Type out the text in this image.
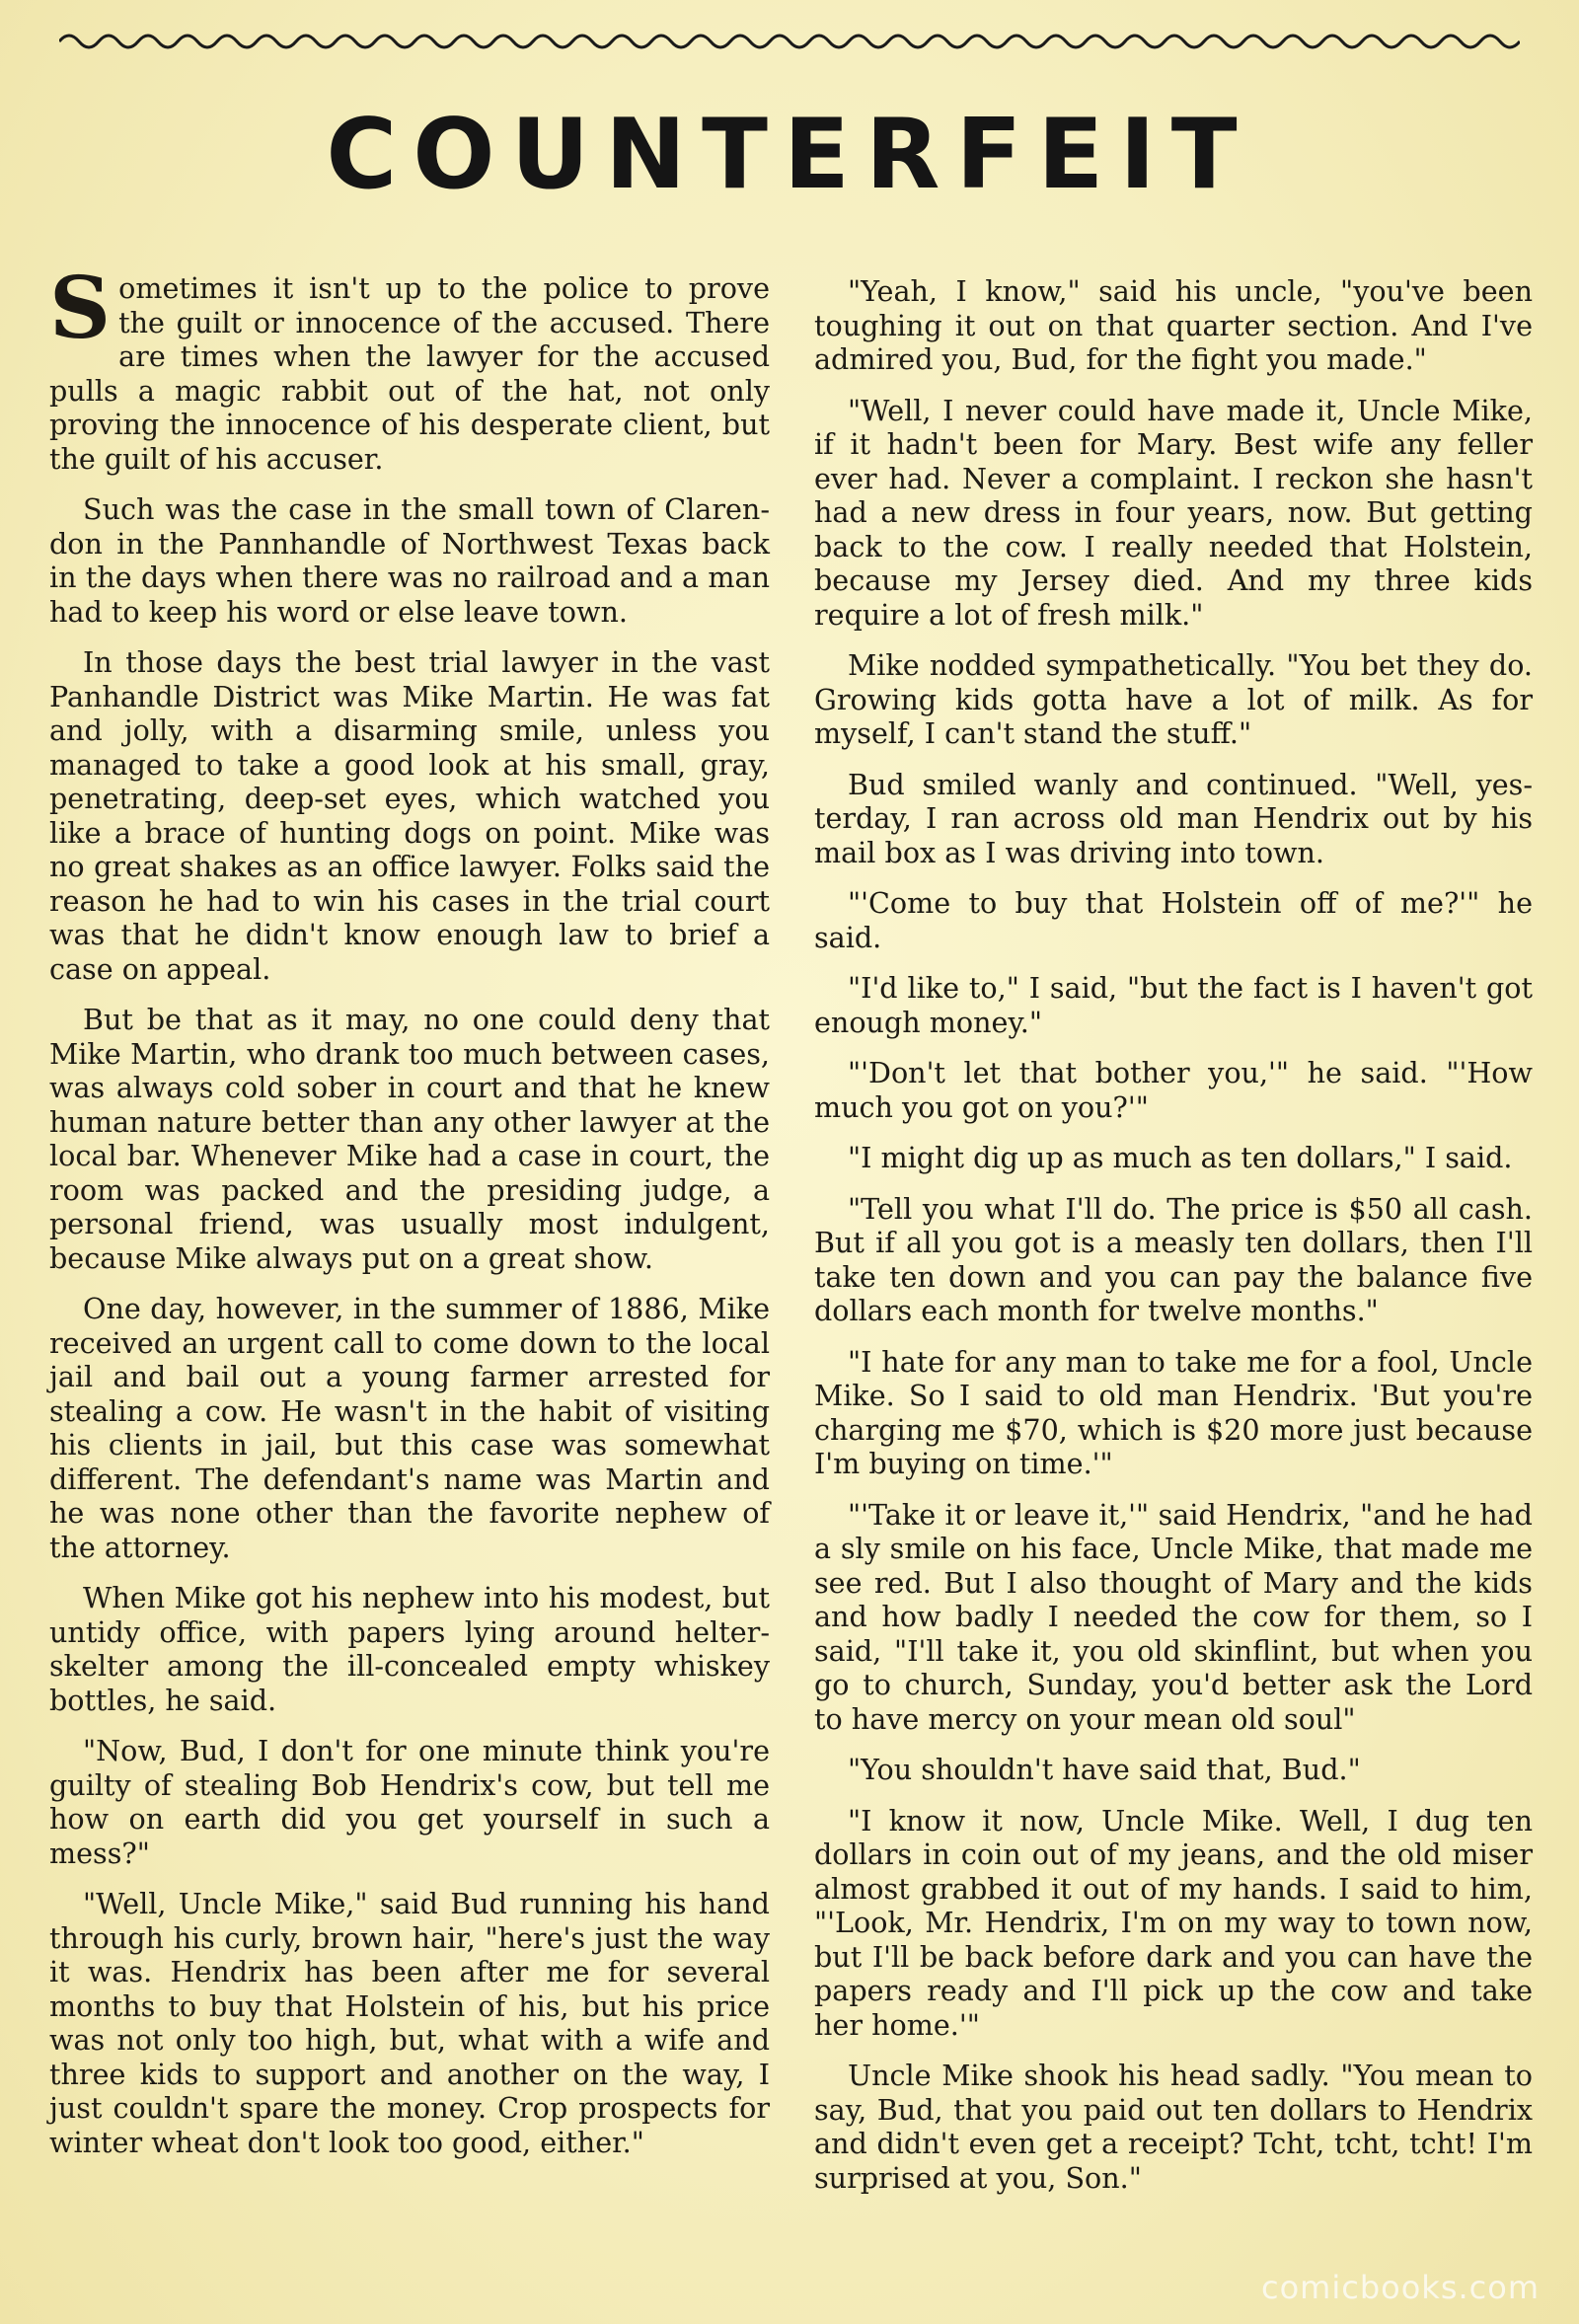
COUNTERFEIT

Sometimes it isn't up to the police to prove the guilt or innocence of the accused. There are times when the lawyer for the accused pulls a magic rabbit out of the hat, not only proving the innocence of his desperate client, but the guilt of his accuser.

Such was the case in the small town of Clarendon in the Pannhandle of Northwest Texas back in the days when there was no railroad and a man had to keep his word or else leave town.

In those days the best trial lawyer in the vast Panhandle District was Mike Martin. He was fat and jolly, with a disarming smile, unless you managed to take a good look at his small, gray, penetrating, deep-set eyes, which watched you like a brace of hunting dogs on point. Mike was no great shakes as an office lawyer. Folks said the reason he had to win his cases in the trial court was that he didn't know enough law to brief a case on appeal.

But be that as it may, no one could deny that Mike Martin, who drank too much between cases, was always cold sober in court and that he knew human nature better than any other lawyer at the local bar. Whenever Mike had a case in court, the room was packed and the presiding judge, a personal friend, was usually most indulgent, because Mike always put on a great show.

One day, however, in the summer of 1886, Mike received an urgent call to come down to the local jail and bail out a young farmer arrested for stealing a cow. He wasn't in the habit of visiting his clients in jail, but this case was somewhat different. The defendant's name was Martin and he was none other than the favorite nephew of the attorney.

When Mike got his nephew into his modest, but untidy office, with papers lying around helterskelter among the ill-concealed empty whiskey bottles, he said.

"Now, Bud, I don't for one minute think you're guilty of stealing Bob Hendrix's cow, but tell me how on earth did you get yourself in such a mess?"

"Well, Uncle Mike," said Bud running his hand through his curly, brown hair, "here's just the way it was. Hendrix has been after me for several months to buy that Holstein of his, but his price was not only too high, but, what with a wife and three kids to support and another on the way, I just couldn't spare the money. Crop prospects for winter wheat don't look too good, either."

"Yeah, I know," said his uncle, "you've been toughing it out on that quarter section. And I've admired you, Bud, for the fight you made."

"Well, I never could have made it, Uncle Mike, if it hadn't been for Mary. Best wife any feller ever had. Never a complaint. I reckon she hasn't had a new dress in four years, now. But getting back to the cow. I really needed that Holstein, because my Jersey died. And my three kids require a lot of fresh milk."

Mike nodded sympathetically. "You bet they do. Growing kids gotta have a lot of milk. As for myself, I can't stand the stuff."

Bud smiled wanly and continued. "Well, yesterday, I ran across old man Hendrix out by his mail box as I was driving into town.

"'Come to buy that Holstein off of me?'" he said.

"I'd like to," I said, "but the fact is I haven't got enough money."

"'Don't let that bother you,'" he said. "'How much you got on you?'"

"I might dig up as much as ten dollars," I said.

"Tell you what I'll do. The price is $50 all cash. But if all you got is a measly ten dollars, then I'll take ten down and you can pay the balance five dollars each month for twelve months."

"I hate for any man to take me for a fool, Uncle Mike. So I said to old man Hendrix. 'But you're charging me $70, which is $20 more just because I'm buying on time.'"

"'Take it or leave it,'" said Hendrix, "and he had a sly smile on his face, Uncle Mike, that made me see red. But I also thought of Mary and the kids and how badly I needed the cow for them, so I said, "I'll take it, you old skinflint, but when you go to church, Sunday, you'd better ask the Lord to have mercy on your mean old soul"

"You shouldn't have said that, Bud."

"I know it now, Uncle Mike. Well, I dug ten dollars in coin out of my jeans, and the old miser almost grabbed it out of my hands. I said to him, "'Look, Mr. Hendrix, I'm on my way to town now, but I'll be back before dark and you can have the papers ready and I'll pick up the cow and take her home.'"

Uncle Mike shook his head sadly. "You mean to say, Bud, that you paid out ten dollars to Hendrix and didn't even get a receipt? Tcht, tcht, tcht! I'm surprised at you, Son."

comicbooks.com
